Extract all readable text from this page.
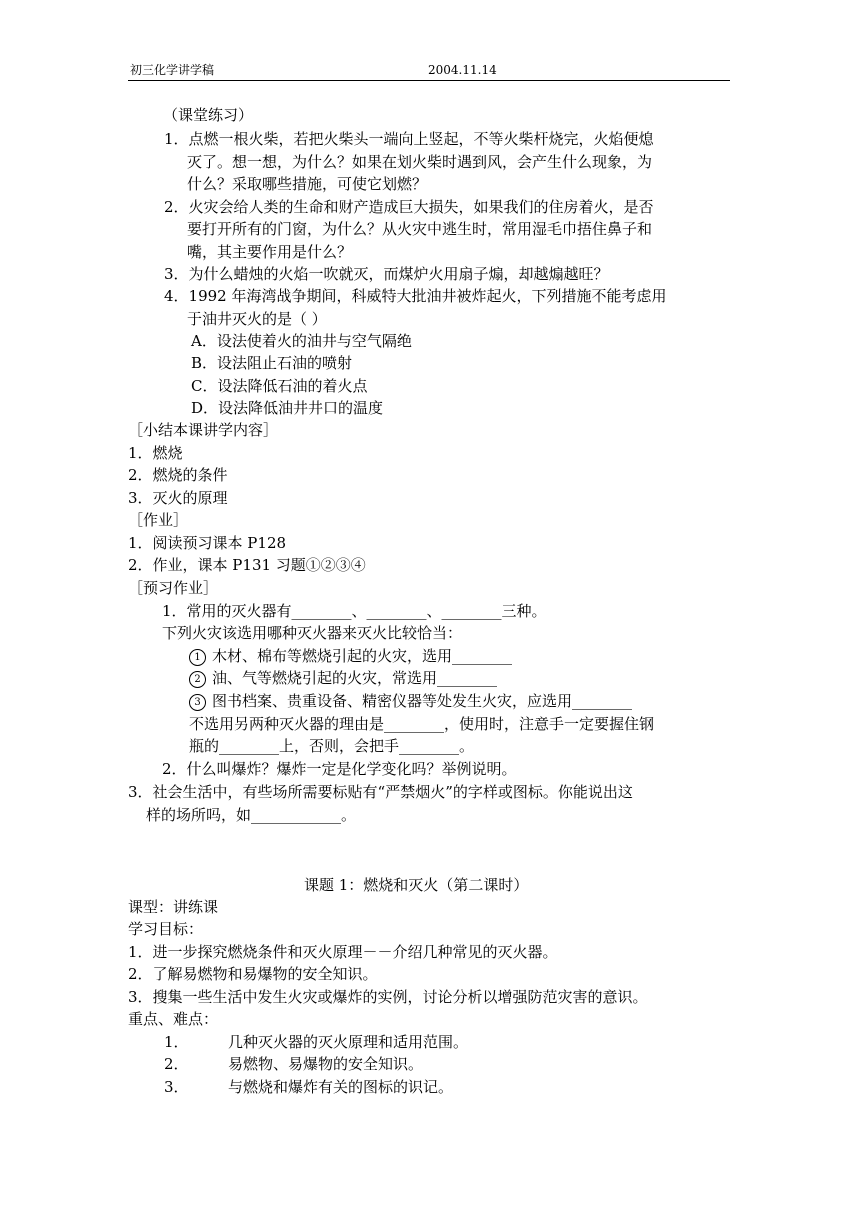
初三化学讲学稿	2004.11.14
（课堂练习）
1．点燃一根火柴，若把火柴头一端向上竖起，不等火柴杆烧完，火焰便熄
灭了。想一想，为什么？如果在划火柴时遇到风，会产生什么现象，为
什么？采取哪些措施，可使它划燃？
2．火灾会给人类的生命和财产造成巨大损失，如果我们的住房着火，是否
要打开所有的门窗，为什么？从火灾中逃生时，常用湿毛巾捂住鼻子和
嘴，其主要作用是什么？
3．为什么蜡烛的火焰一吹就灭，而煤炉火用扇子煽，却越煽越旺？
4．1992 年海湾战争期间，科威特大批油井被炸起火，下列措施不能考虑用
于油井灭火的是（ ）
A．设法使着火的油井与空气隔绝
B．设法阻止石油的喷射
C．设法降低石油的着火点
D．设法降低油井井口的温度
［小结本课讲学内容］
1．燃烧
2．燃烧的条件
3．灭火的原理
［作业］
1．阅读预习课本 P128
2．作业，课本 P131 习题①②③④
［预习作业］
1．常用的灭火器有________、________、________三种。
下列火灾该选用哪种灭火器来灭火比较恰当：
1 木材、棉布等燃烧引起的火灾，选用________
2 油、气等燃烧引起的火灾，常选用________
3 图书档案、贵重设备、精密仪器等处发生火灾，应选用________
不选用另两种灭火器的理由是________，使用时，注意手一定要握住钢
瓶的________上，否则，会把手________。
2．什么叫爆炸？爆炸一定是化学变化吗？举例说明。
3．社会生活中，有些场所需要标贴有“严禁烟火”的字样或图标。你能说出这
样的场所吗，如____________。
课题 1：燃烧和灭火（第二课时）
课型：讲练课
学习目标：
1．进一步探究燃烧条件和灭火原理－－介绍几种常见的灭火器。
2．了解易燃物和易爆物的安全知识。
3．搜集一些生活中发生火灾或爆炸的实例，讨论分析以增强防范灾害的意识。
重点、难点：
1．	几种灭火器的灭火原理和适用范围。
2．	易燃物、易爆物的安全知识。
3．	与燃烧和爆炸有关的图标的识记。
